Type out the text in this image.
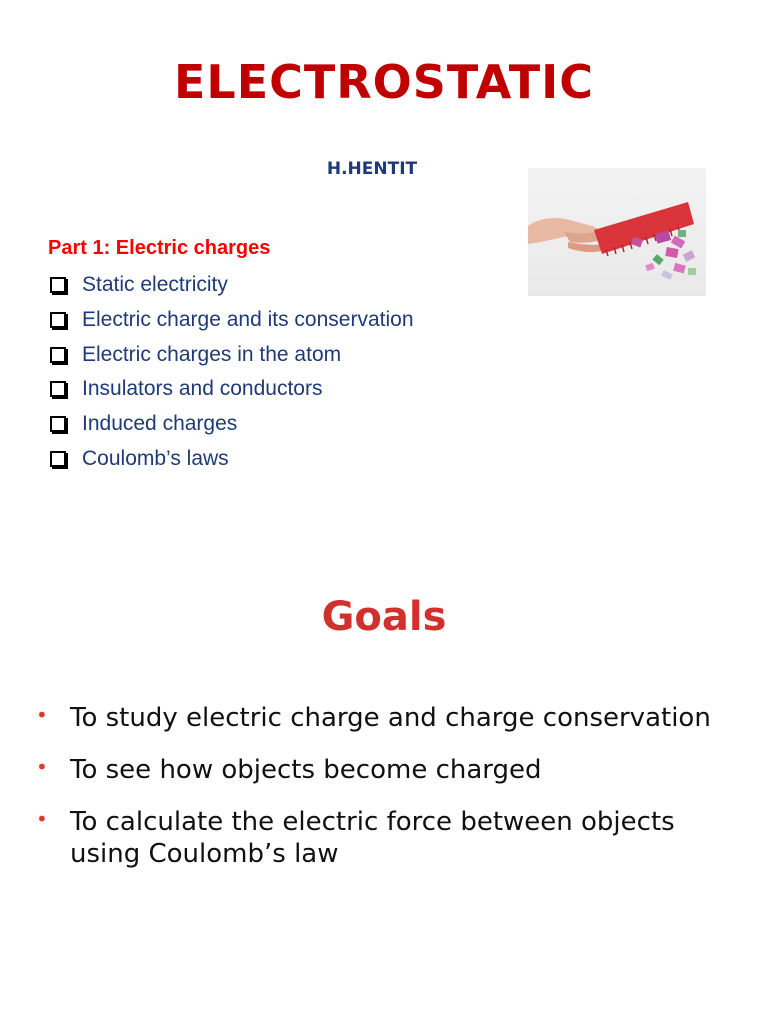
ELECTROSTATIC
H.HENTIT
Part 1: Electric charges
Static electricity
Electric charge and its conservation
Electric charges in the atom
Insulators and conductors
Induced charges
Coulomb’s laws
Goals
• To study electric charge and charge conservation
• To see how objects become charged
• To calculate the electric force between objects using Coulomb’s law
